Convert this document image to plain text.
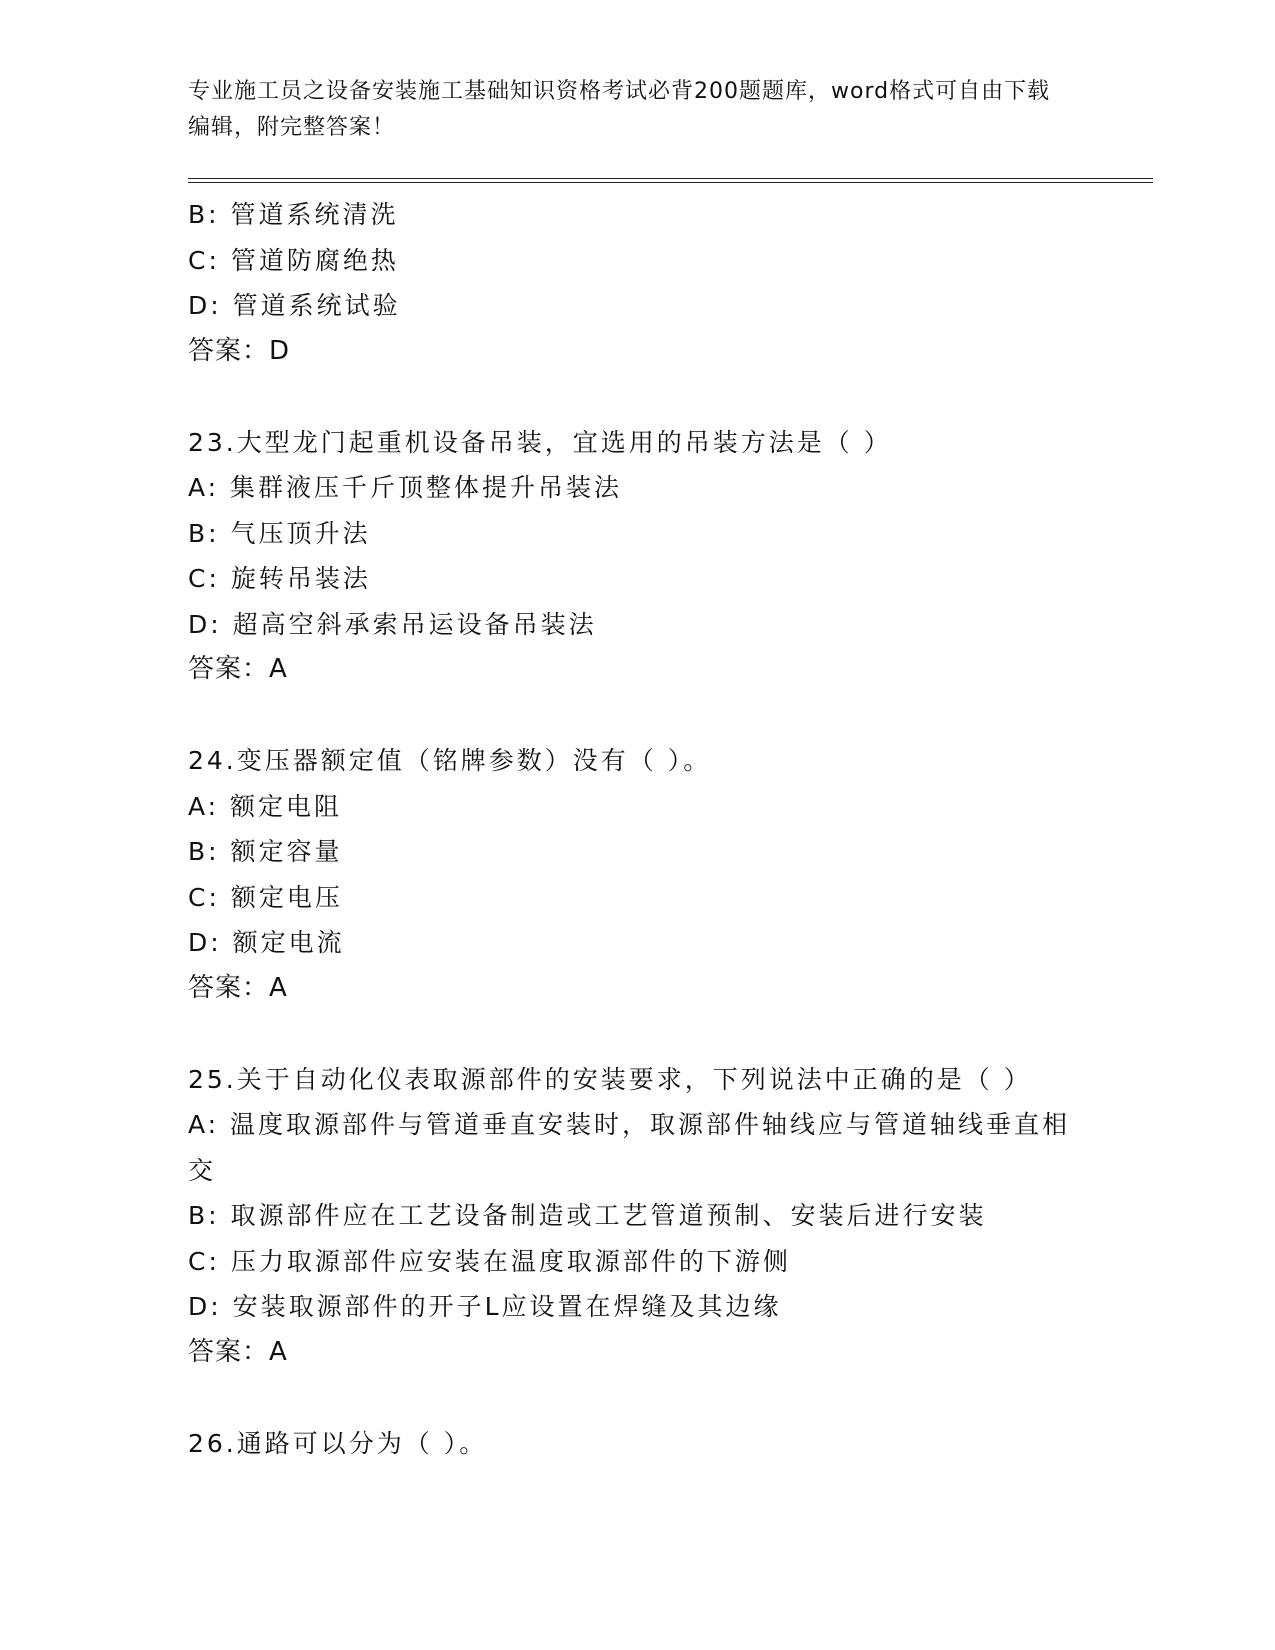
专业施工员之设备安装施工基础知识资格考试必背200题题库，word格式可自由下载编辑，附完整答案！
B: 管道系统清洗
C: 管道防腐绝热
D: 管道系统试验
答案：D
23.大型龙门起重机设备吊装，宜选用的吊装方法是（ ）
A: 集群液压千斤顶整体提升吊装法
B: 气压顶升法
C: 旋转吊装法
D: 超高空斜承索吊运设备吊装法
答案：A
24.变压器额定值（铭牌参数）没有（ ）。
A: 额定电阻
B: 额定容量
C: 额定电压
D: 额定电流
答案：A
25.关于自动化仪表取源部件的安装要求，下列说法中正确的是（ ）
A: 温度取源部件与管道垂直安装时，取源部件轴线应与管道轴线垂直相交
B: 取源部件应在工艺设备制造或工艺管道预制、安装后进行安装
C: 压力取源部件应安装在温度取源部件的下游侧
D: 安装取源部件的开子L应设置在焊缝及其边缘
答案：A
26.通路可以分为（ ）。
